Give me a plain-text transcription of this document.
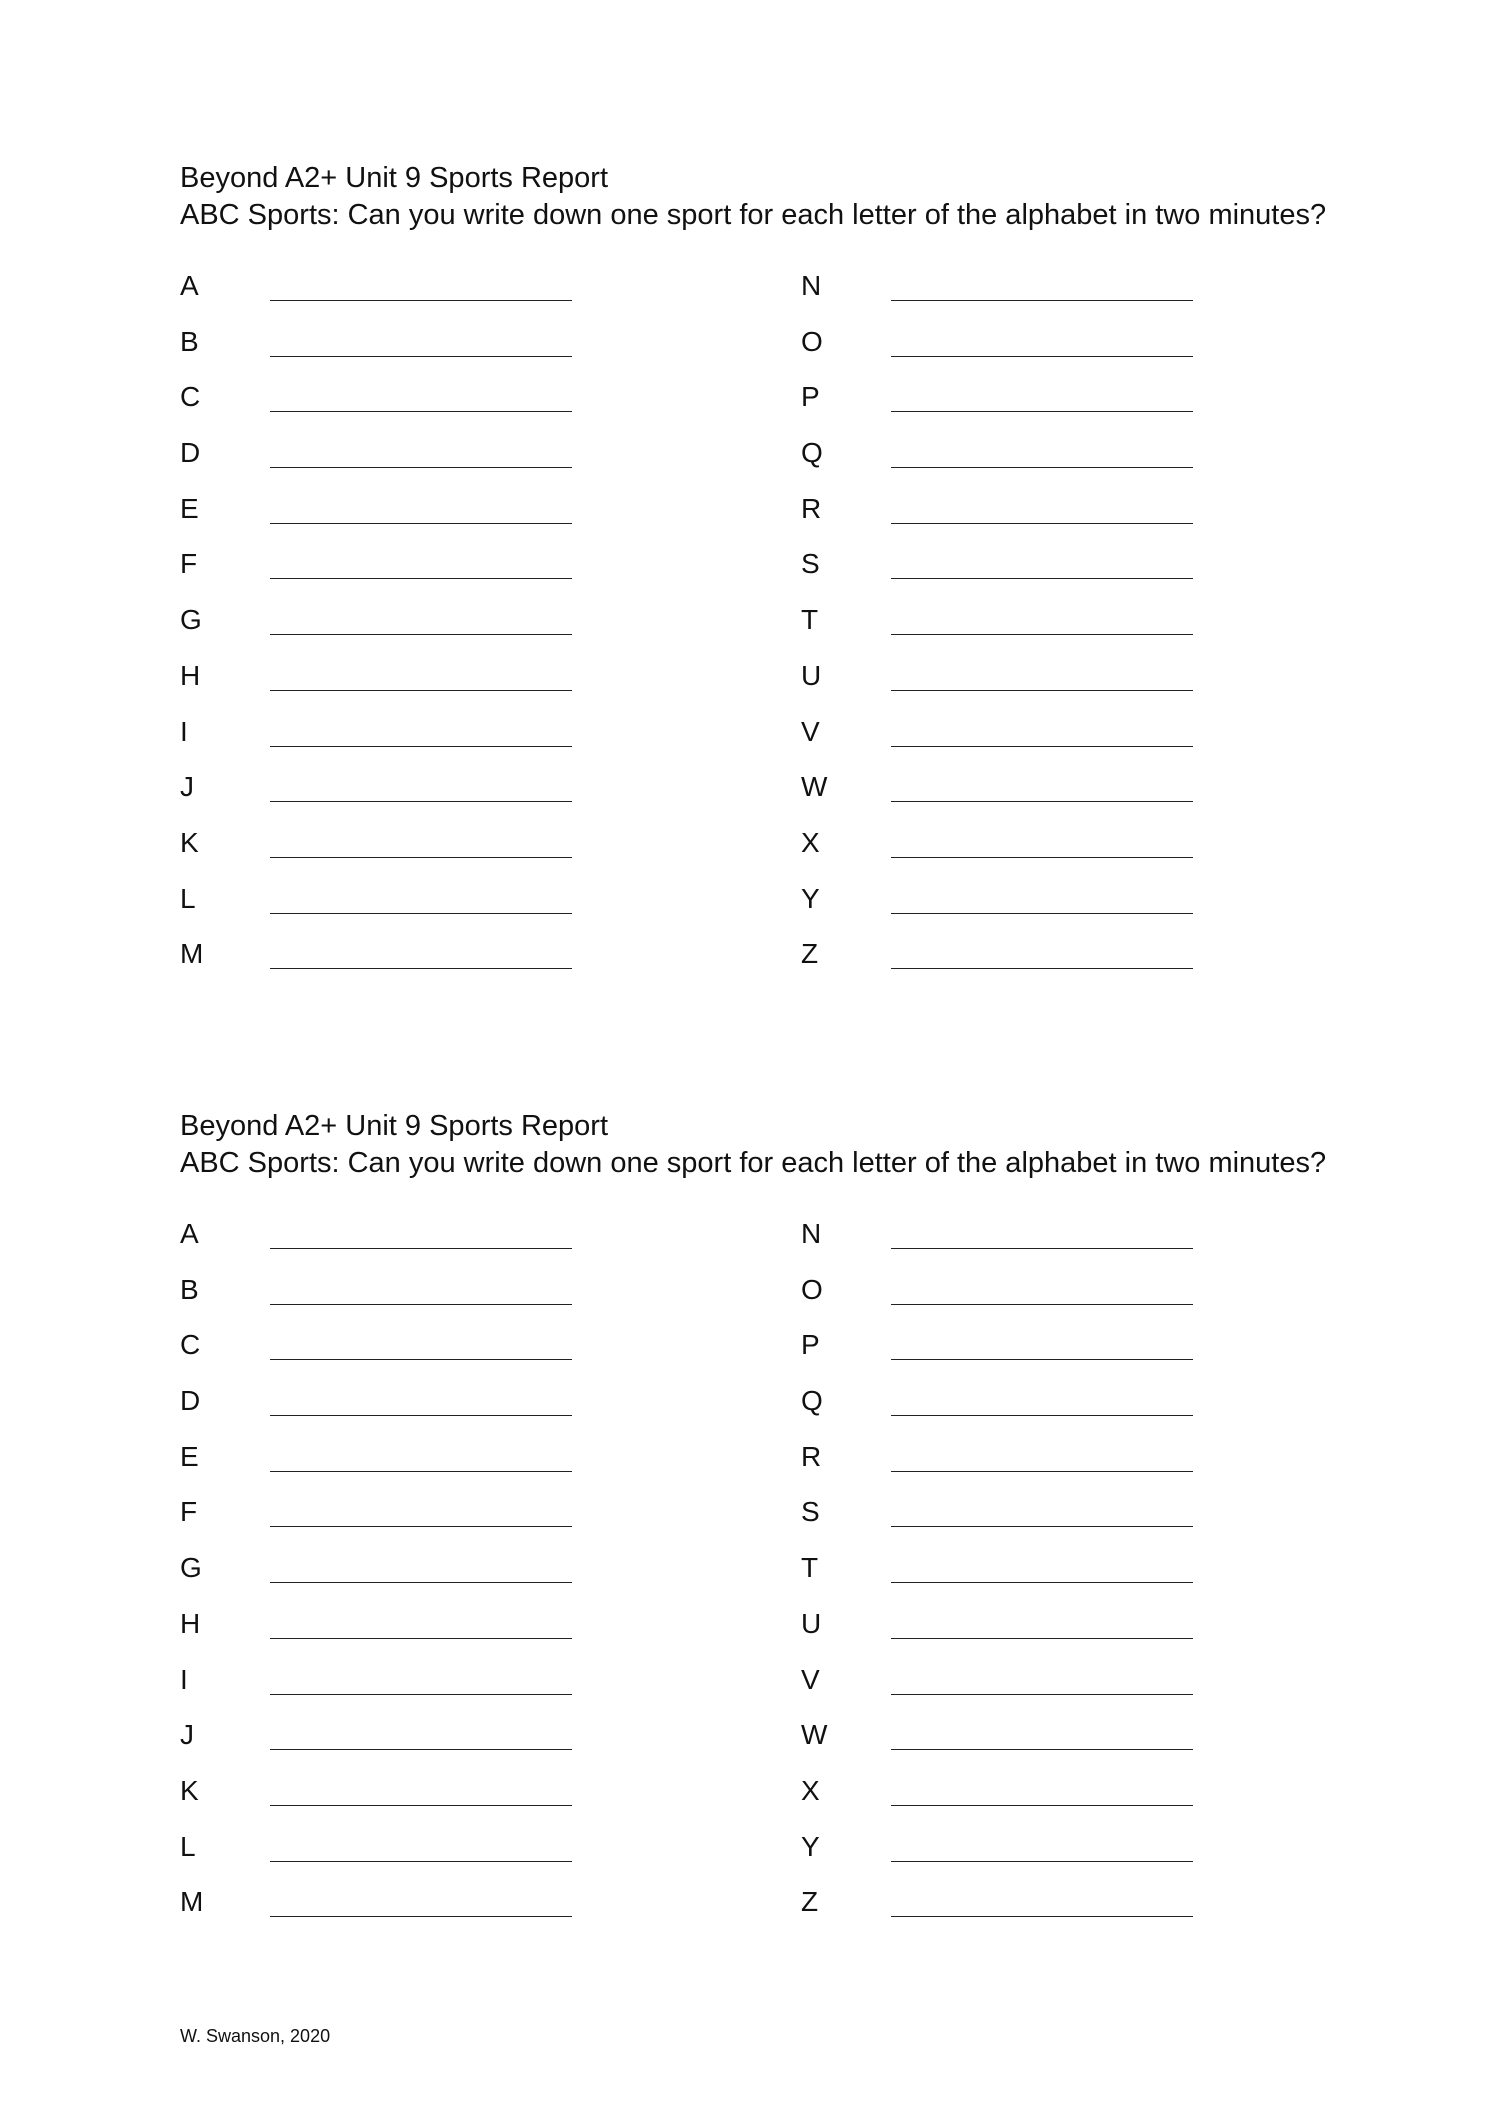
Beyond A2+ Unit 9 Sports Report

ABC Sports: Can you write down one sport for each letter of the alphabet in two minutes?

A
B
C
D
E
F
G
H
I
J
K
L
M
N
O
P
Q
R
S
T
U
V
W
X
Y
Z

Beyond A2+ Unit 9 Sports Report

ABC Sports: Can you write down one sport for each letter of the alphabet in two minutes?

A
B
C
D
E
F
G
H
I
J
K
L
M
N
O
P
Q
R
S
T
U
V
W
X
Y
Z
W. Swanson, 2020
